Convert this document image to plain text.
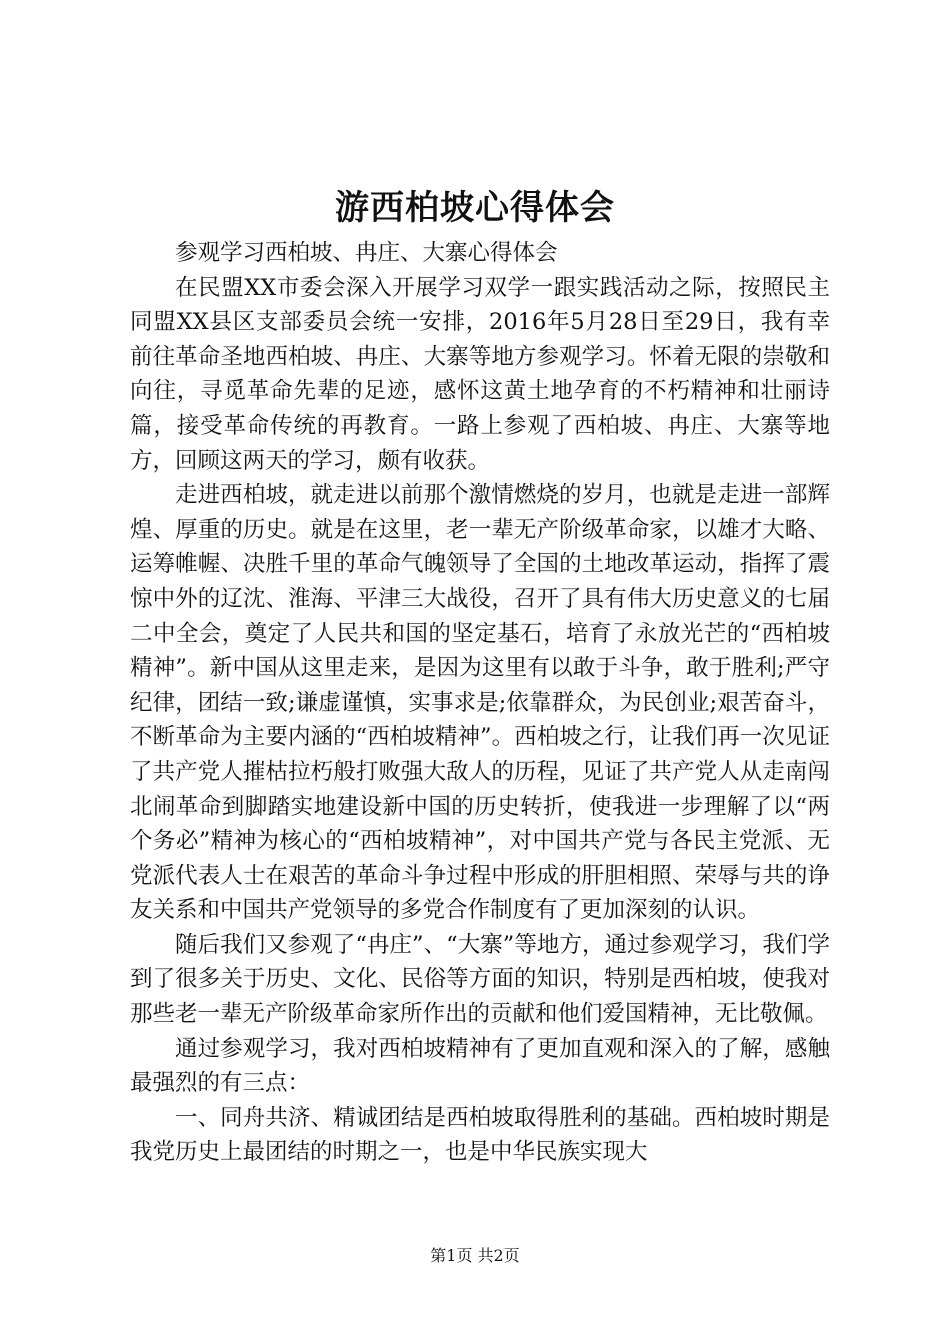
游西柏坡心得体会

参观学习西柏坡、冉庄、大寨心得体会

在民盟XX市委会深入开展学习双学一跟实践活动之际，按照民主同盟XX县区支部委员会统一安排，2016年5月28日至29日，我有幸前往革命圣地西柏坡、冉庄、大寨等地方参观学习。怀着无限的崇敬和向往，寻觅革命先辈的足迹，感怀这黄土地孕育的不朽精神和壮丽诗篇，接受革命传统的再教育。一路上参观了西柏坡、冉庄、大寨等地方，回顾这两天的学习，颇有收获。

走进西柏坡，就走进以前那个激情燃烧的岁月，也就是走进一部辉煌、厚重的历史。就是在这里，老一辈无产阶级革命家，以雄才大略、运筹帷幄、决胜千里的革命气魄领导了全国的土地改革运动，指挥了震惊中外的辽沈、淮海、平津三大战役，召开了具有伟大历史意义的七届二中全会，奠定了人民共和国的坚定基石，培育了永放光芒的“西柏坡精神”。新中国从这里走来，是因为这里有以敢于斗争，敢于胜利;严守纪律，团结一致;谦虚谨慎，实事求是;依靠群众，为民创业;艰苦奋斗，不断革命为主要内涵的“西柏坡精神”。西柏坡之行，让我们再一次见证了共产党人摧枯拉朽般打败强大敌人的历程，见证了共产党人从走南闯北闹革命到脚踏实地建设新中国的历史转折，使我进一步理解了以“两个务必”精神为核心的“西柏坡精神”，对中国共产党与各民主党派、无党派代表人士在艰苦的革命斗争过程中形成的肝胆相照、荣辱与共的诤友关系和中国共产党领导的多党合作制度有了更加深刻的认识。

随后我们又参观了“冉庄”、“大寨”等地方，通过参观学习，我们学到了很多关于历史、文化、民俗等方面的知识，特别是西柏坡，使我对那些老一辈无产阶级革命家所作出的贡献和他们爱国精神，无比敬佩。

通过参观学习，我对西柏坡精神有了更加直观和深入的了解，感触最强烈的有三点：

一、同舟共济、精诚团结是西柏坡取得胜利的基础。西柏坡时期是我党历史上最团结的时期之一，也是中华民族实现大

第1页 共2页
